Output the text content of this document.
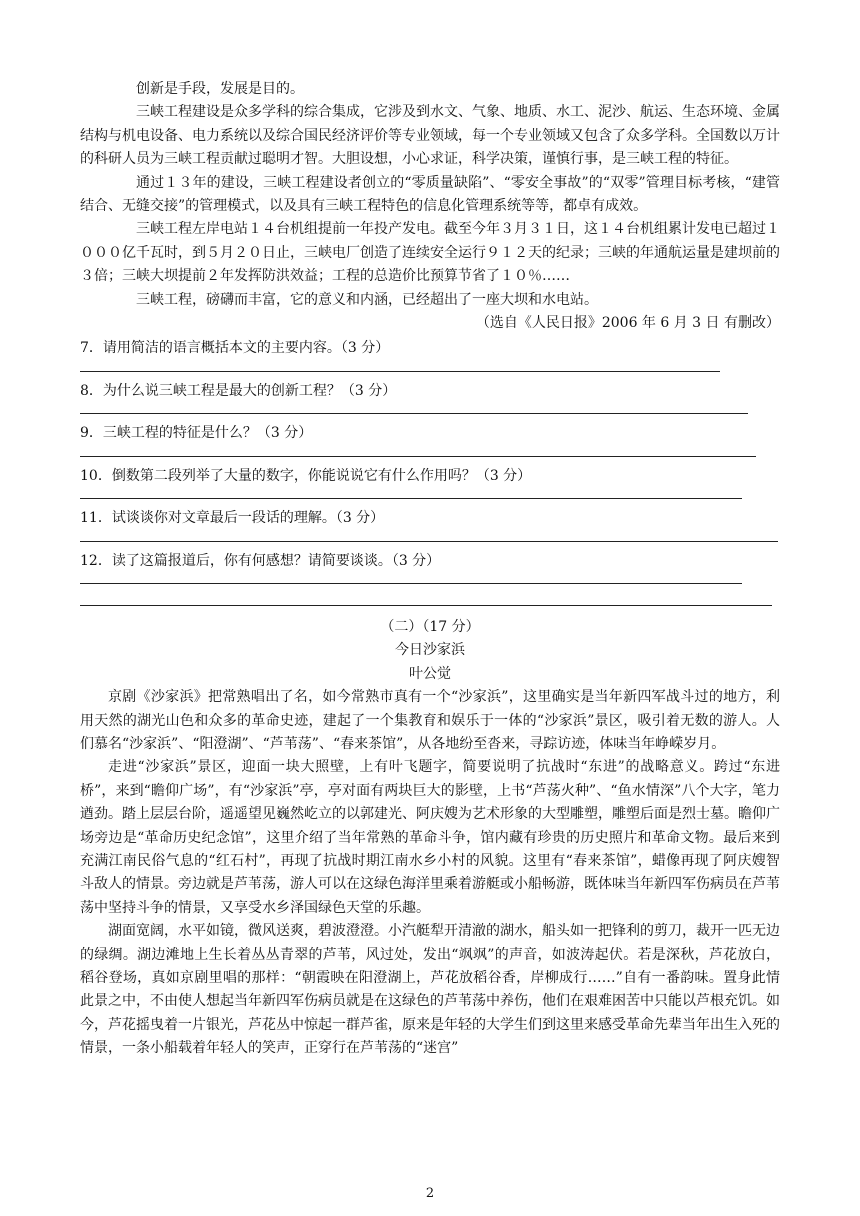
创新是手段，发展是目的。

三峡工程建设是众多学科的综合集成，它涉及到水文、气象、地质、水工、泥沙、航运、生态环境、金属结构与机电设备、电力系统以及综合国民经济评价等专业领域，每一个专业领域又包含了众多学科。全国数以万计的科研人员为三峡工程贡献过聪明才智。大胆设想，小心求证，科学决策，谨慎行事，是三峡工程的特征。

通过１３年的建设，三峡工程建设者创立的“零质量缺陷”、“零安全事故”的“双零”管理目标考核，“建管结合、无缝交接”的管理模式，以及具有三峡工程特色的信息化管理系统等等，都卓有成效。

三峡工程左岸电站１４台机组提前一年投产发电。截至今年３月３１日，这１４台机组累计发电已超过１０００亿千瓦时，到５月２０日止，三峡电厂创造了连续安全运行９１２天的纪录；三峡的年通航运量是建坝前的３倍；三峡大坝提前２年发挥防洪效益；工程的总造价比预算节省了１０％……

三峡工程，磅礴而丰富，它的意义和内涵，已经超出了一座大坝和水电站。

（选自《人民日报》2006 年 6 月 3 日 有删改）

7．请用简洁的语言概括本文的主要内容。（3 分）

8．为什么说三峡工程是最大的创新工程？（3 分）

9．三峡工程的特征是什么？（3 分）

10．倒数第二段列举了大量的数字，你能说说它有什么作用吗？（3 分）

11．试谈谈你对文章最后一段话的理解。（3 分）

12．读了这篇报道后，你有何感想？请简要谈谈。（3 分）

（二）（17 分）

今日沙家浜

叶公觉

京剧《沙家浜》把常熟唱出了名，如今常熟市真有一个“沙家浜”，这里确实是当年新四军战斗过的地方，利用天然的湖光山色和众多的革命史迹，建起了一个集教育和娱乐于一体的“沙家浜”景区，吸引着无数的游人。人们慕名“沙家浜”、“阳澄湖”、“芦苇荡”、“春来茶馆”，从各地纷至沓来，寻踪访迹，体味当年峥嵘岁月。

走进“沙家浜”景区，迎面一块大照壁，上有叶飞题字，简要说明了抗战时“东进”的战略意义。跨过“东进桥”，来到“瞻仰广场”，有“沙家浜”亭，亭对面有两块巨大的影壁，上书“芦荡火种”、“鱼水情深”八个大字，笔力遒劲。踏上层层台阶，遥遥望见巍然屹立的以郭建光、阿庆嫂为艺术形象的大型雕塑，雕塑后面是烈士墓。瞻仰广场旁边是“革命历史纪念馆”，这里介绍了当年常熟的革命斗争，馆内藏有珍贵的历史照片和革命文物。最后来到充满江南民俗气息的“红石村”，再现了抗战时期江南水乡小村的风貌。这里有“春来茶馆”，蜡像再现了阿庆嫂智斗敌人的情景。旁边就是芦苇荡，游人可以在这绿色海洋里乘着游艇或小船畅游，既体味当年新四军伤病员在芦苇荡中坚持斗争的情景，又享受水乡泽国绿色天堂的乐趣。

湖面宽阔，水平如镜，微风送爽，碧波澄澄。小汽艇犁开清澈的湖水，船头如一把锋利的剪刀，裁开一匹无边的绿绸。湖边滩地上生长着丛丛青翠的芦苇，风过处，发出“飒飒”的声音，如波涛起伏。若是深秋，芦花放白，稻谷登场，真如京剧里唱的那样：“朝霞映在阳澄湖上，芦花放稻谷香，岸柳成行……”自有一番韵味。置身此情此景之中，不由使人想起当年新四军伤病员就是在这绿色的芦苇荡中养伤，他们在艰难困苦中只能以芦根充饥。如今，芦花摇曳着一片银光，芦花丛中惊起一群芦雀，原来是年轻的大学生们到这里来感受革命先辈当年出生入死的情景，一条小船载着年轻人的笑声，正穿行在芦苇荡的“迷宫”

2
